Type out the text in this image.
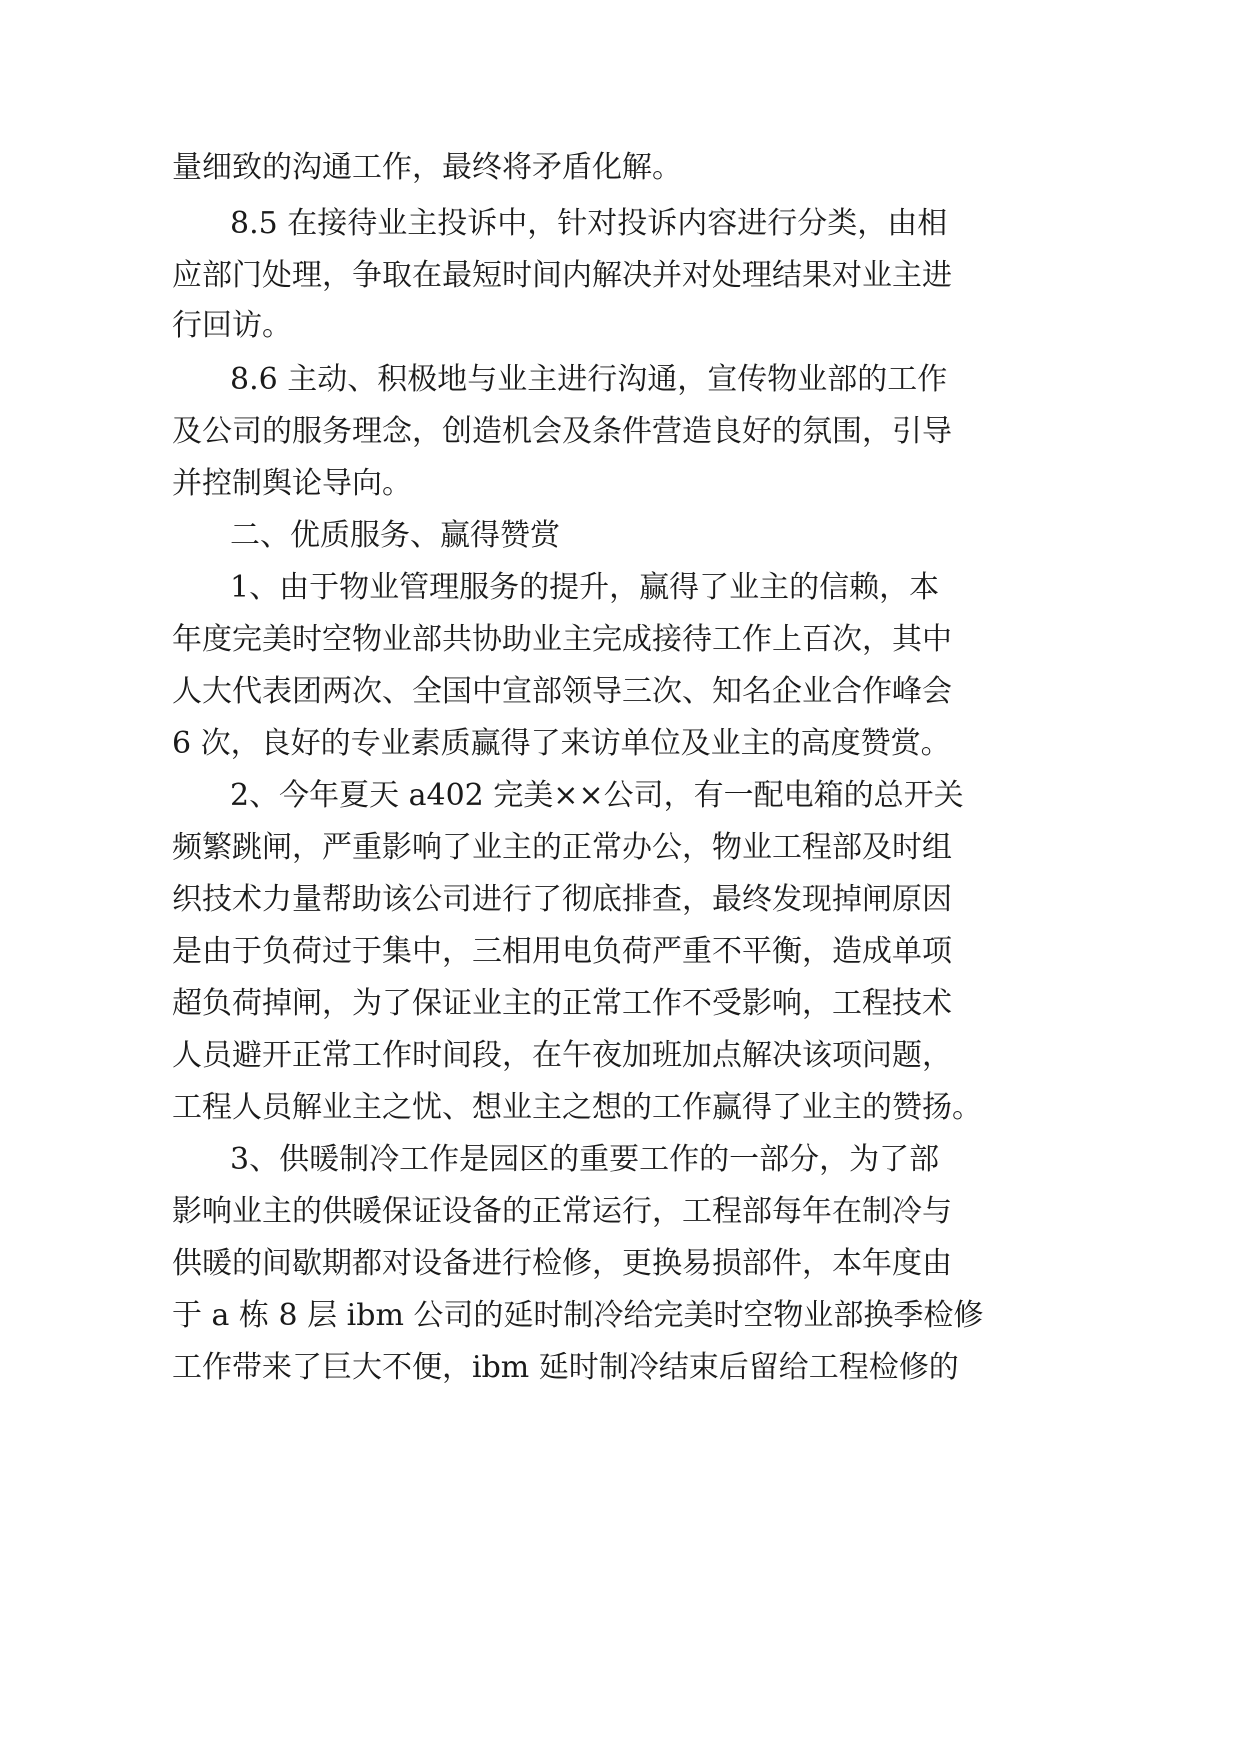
量细致的沟通工作，最终将矛盾化解。
8.5 在接待业主投诉中，针对投诉内容进行分类，由相
应部门处理，争取在最短时间内解决并对处理结果对业主进
行回访。
8.6 主动、积极地与业主进行沟通，宣传物业部的工作
及公司的服务理念，创造机会及条件营造良好的氛围，引导
并控制舆论导向。
二、优质服务、赢得赞赏
1、由于物业管理服务的提升，赢得了业主的信赖，本
年度完美时空物业部共协助业主完成接待工作上百次，其中
人大代表团两次、全国中宣部领导三次、知名企业合作峰会
6 次，良好的专业素质赢得了来访单位及业主的高度赞赏。
2、今年夏天 a402 完美××公司，有一配电箱的总开关
频繁跳闸，严重影响了业主的正常办公，物业工程部及时组
织技术力量帮助该公司进行了彻底排查，最终发现掉闸原因
是由于负荷过于集中，三相用电负荷严重不平衡，造成单项
超负荷掉闸，为了保证业主的正常工作不受影响，工程技术
人员避开正常工作时间段，在午夜加班加点解决该项问题，
工程人员解业主之忧、想业主之想的工作赢得了业主的赞扬。
3、供暖制冷工作是园区的重要工作的一部分，为了部
影响业主的供暖保证设备的正常运行，工程部每年在制冷与
供暖的间歇期都对设备进行检修，更换易损部件，本年度由
于 a 栋 8 层 ibm 公司的延时制冷给完美时空物业部换季检修
工作带来了巨大不便，ibm 延时制冷结束后留给工程检修的
